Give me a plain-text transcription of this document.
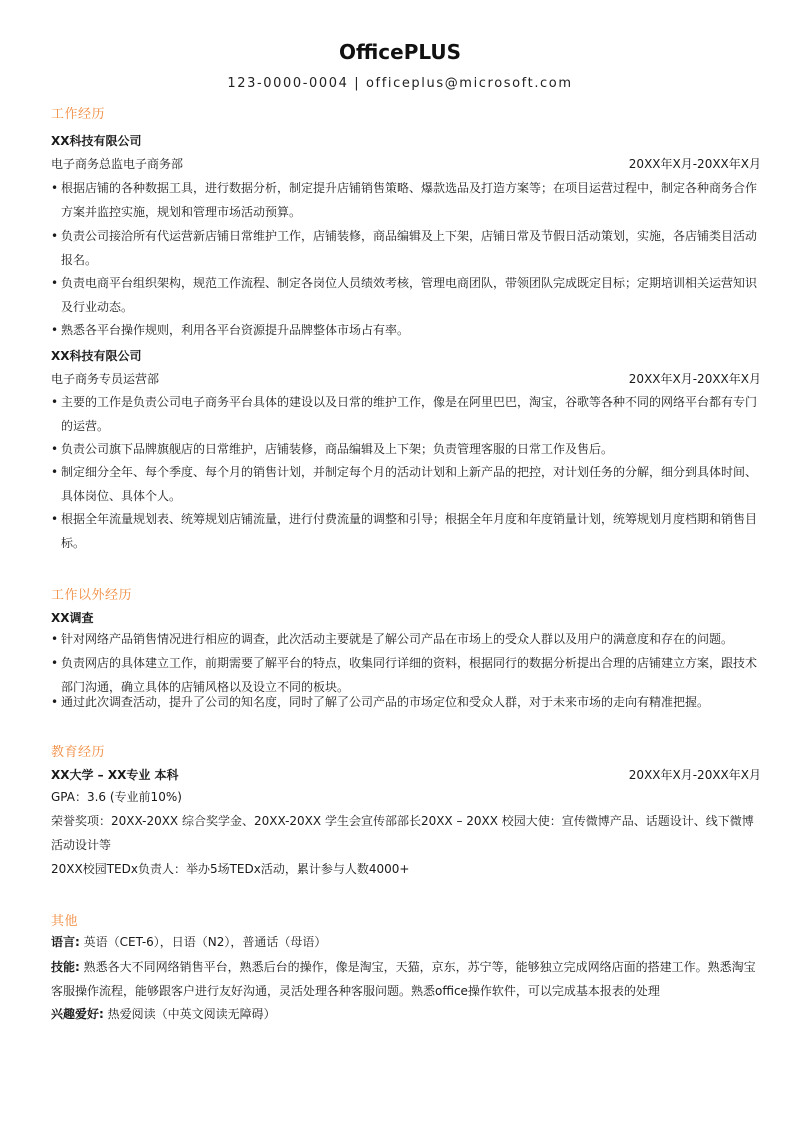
OfficePLUS
123-0000-0004 | officeplus@microsoft.com
工作经历
XX科技有限公司
电子商务总监电子商务部	20XX年X月-20XX年X月
• 根据店铺的各种数据工具，进行数据分析，制定提升店铺销售策略、爆款选品及打造方案等；在项目运营过程中，制定各种商务合作方案并监控实施，规划和管理市场活动预算。
• 负责公司接洽所有代运营新店铺日常维护工作，店铺装修，商品编辑及上下架，店铺日常及节假日活动策划，实施，各店铺类目活动报名。
• 负责电商平台组织架构，规范工作流程、制定各岗位人员绩效考核，管理电商团队，带领团队完成既定目标；定期培训相关运营知识及行业动态。
• 熟悉各平台操作规则，利用各平台资源提升品牌整体市场占有率。
XX科技有限公司
电子商务专员运营部	20XX年X月-20XX年X月
• 主要的工作是负责公司电子商务平台具体的建设以及日常的维护工作，像是在阿里巴巴，淘宝，谷歌等各种不同的网络平台都有专门的运营。
• 负责公司旗下品牌旗舰店的日常维护，店铺装修，商品编辑及上下架；负责管理客服的日常工作及售后。
• 制定细分全年、每个季度、每个月的销售计划，并制定每个月的活动计划和上新产品的把控，对计划任务的分解，细分到具体时间、具体岗位、具体个人。
• 根据全年流量规划表、统筹规划店铺流量，进行付费流量的调整和引导；根据全年月度和年度销量计划，统筹规划月度档期和销售目标。
工作以外经历
XX调查
• 针对网络产品销售情况进行相应的调查，此次活动主要就是了解公司产品在市场上的受众人群以及用户的满意度和存在的问题。
• 负责网店的具体建立工作，前期需要了解平台的特点，收集同行详细的资料，根据同行的数据分析提出合理的店铺建立方案，跟技术部门沟通，确立具体的店铺风格以及设立不同的板块。
• 通过此次调查活动，提升了公司的知名度，同时了解了公司产品的市场定位和受众人群，对于未来市场的走向有精准把握。
教育经历
XX大学 – XX专业 本科	20XX年X月-20XX年X月
GPA：3.6 (专业前10%)
荣誉奖项：20XX-20XX 综合奖学金、20XX-20XX 学生会宣传部部长20XX – 20XX 校园大使：宣传微博产品、话题设计、线下微博活动设计等
20XX校园TEDx负责人：举办5场TEDx活动，累计参与人数4000+
其他
语言: 英语（CET-6），日语（N2），普通话（母语）
技能: 熟悉各大不同网络销售平台，熟悉后台的操作，像是淘宝，天猫，京东，苏宁等，能够独立完成网络店面的搭建工作。熟悉淘宝客服操作流程，能够跟客户进行友好沟通，灵活处理各种客服问题。熟悉office操作软件，可以完成基本报表的处理
兴趣爱好: 热爱阅读（中英文阅读无障碍）
